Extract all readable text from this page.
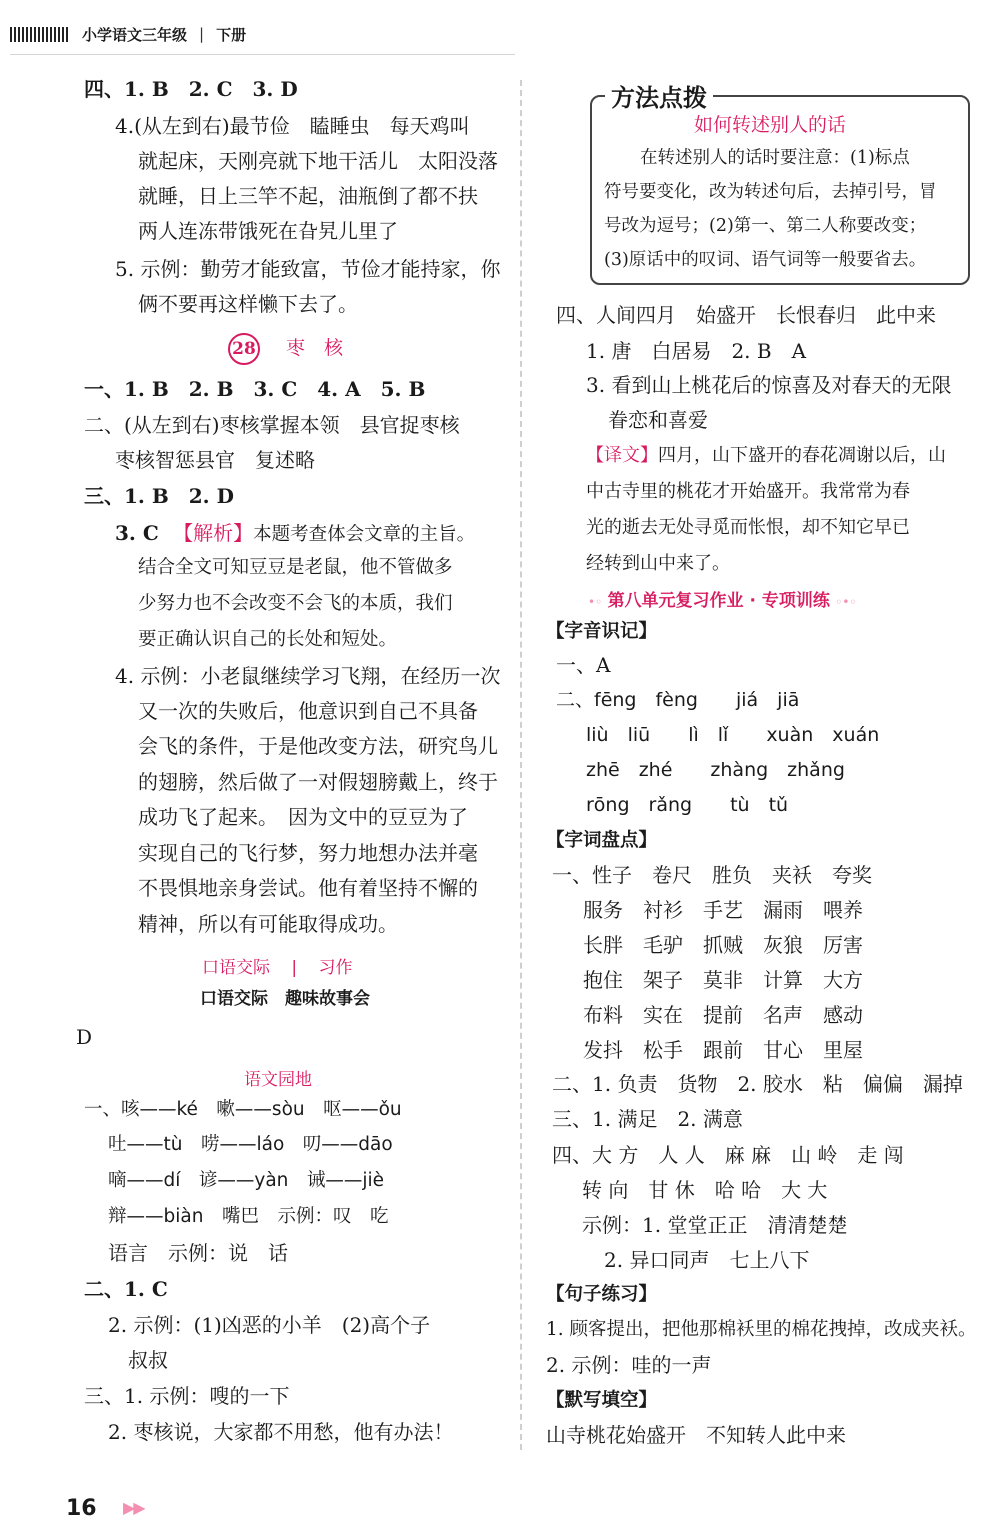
小学语文三年级 | 下册
四、1. B　2. C　3. D
4.(从左到右)最节俭　瞌睡虫　每天鸡叫
就起床，天刚亮就下地干活儿　太阳没落
就睡，日上三竿不起，油瓶倒了都不扶
两人连冻带饿死在旮旯儿里了
5. 示例：勤劳才能致富，节俭才能持家，你
俩不要再这样懒下去了。
28 枣　核
一、1. B　2. B　3. C　4. A　5. B
二、(从左到右)枣核掌握本领　县官捉枣核
枣核智惩县官　复述略
三、1. B　2. D
3. C 【解析】本题考查体会文章的主旨。
结合全文可知豆豆是老鼠，他不管做多
少努力也不会改变不会飞的本质，我们
要正确认识自己的长处和短处。
4. 示例：小老鼠继续学习飞翔，在经历一次
又一次的失败后，他意识到自己不具备
会飞的条件，于是他改变方法，研究鸟儿
的翅膀，然后做了一对假翅膀戴上，终于
成功飞了起来。　因为文中的豆豆为了
实现自己的飞行梦，努力地想办法并毫
不畏惧地亲身尝试。他有着坚持不懈的
精神，所以有可能取得成功。
口语交际 | 习作
口语交际　趣味故事会
D
语文园地
一、咳——ké　嗽——sòu　呕——ǒu
吐——tù　唠——láo　叨——dāo
嘀——dí　谚——yàn　诫——jiè
辩——biàn　嘴巴　示例：叹　吃
语言　示例：说　话
二、1. C
2. 示例：(1)凶恶的小羊　(2)高个子
叔叔
三、1. 示例：嗖的一下
2. 枣核说，大家都不用愁，他有办法！
方法点拨
如何转述别人的话
在转述别人的话时要注意：(1)标点
符号要变化，改为转述句后，去掉引号，冒
号改为逗号；(2)第一、第二人称要改变；
(3)原话中的叹词、语气词等一般要省去。
四、人间四月　始盛开　长恨春归　此中来
1. 唐　白居易　2. B　A
3. 看到山上桃花后的惊喜及对春天的无限
眷恋和喜爱
【译文】四月，山下盛开的春花凋谢以后，山
中古寺里的桃花才开始盛开。我常常为春
光的逝去无处寻觅而怅恨，却不知它早已
经转到山中来了。
•◦ 第八单元复习作业 · 专项训练 ◦•◦
【字音识记】
一、A
二、fēng　fèng　　jiá　jiā
liù　liū　　lì　lǐ　　xuàn　xuán
zhē　zhé　　zhàng　zhǎng
rōng　rǎng　　tù　tǔ
【字词盘点】
一、性子　卷尺　胜负　夹袄　夸奖
服务　衬衫　手艺　漏雨　喂养
长胖　毛驴　抓贼　灰狼　厉害
抱住　架子　莫非　计算　大方
布料　实在　提前　名声　感动
发抖　松手　跟前　甘心　里屋
二、1. 负责　货物　2. 胶水　粘　偏偏　漏掉
三、1. 满足　2. 满意
四、大 方　人 人　麻 麻　山 岭　走 闯
转 向　甘 休　哈 哈　大 大
示例：1. 堂堂正正　清清楚楚
2. 异口同声　七上八下
【句子练习】
1. 顾客提出，把他那棉袄里的棉花拽掉，改成夹袄。
2. 示例：哇的一声
【默写填空】
山寺桃花始盛开　不知转人此中来
16 ▶▶
